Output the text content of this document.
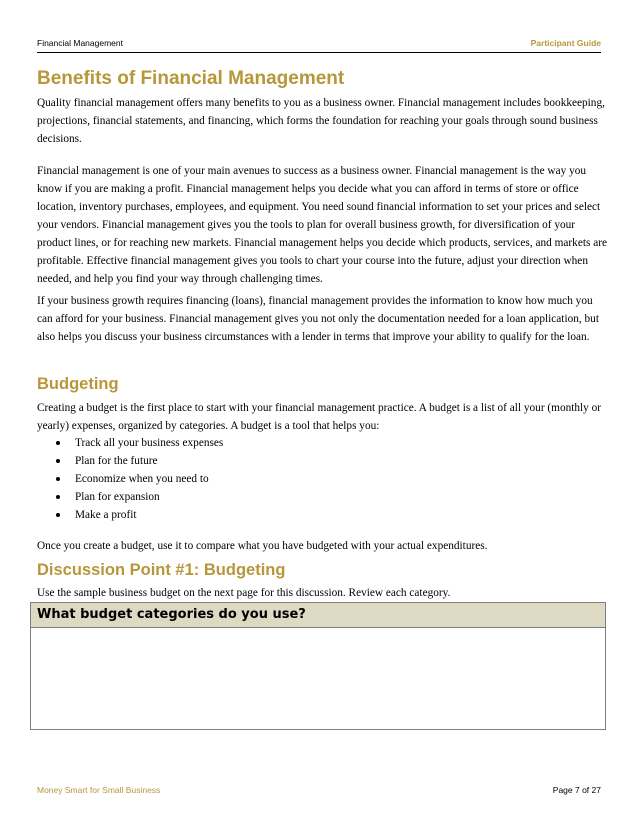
Financial Management	Participant Guide
Benefits of Financial Management

Quality financial management offers many benefits to you as a business owner. Financial management includes bookkeeping, projections, financial statements, and financing, which forms the foundation for reaching your goals through sound business decisions.

Financial management is one of your main avenues to success as a business owner. Financial management is the way you know if you are making a profit. Financial management helps you decide what you can afford in terms of store or office location, inventory purchases, employees, and equipment. You need sound financial information to set your prices and select your vendors. Financial management gives you the tools to plan for overall business growth, for diversification of your product lines, or for reaching new markets. Financial management helps you decide which products, services, and markets are profitable. Effective financial management gives you tools to chart your course into the future, adjust your direction when needed, and help you find your way through challenging times.

If your business growth requires financing (loans), financial management provides the information to know how much you can afford for your business. Financial management gives you not only the documentation needed for a loan application, but also helps you discuss your business circumstances with a lender in terms that improve your ability to qualify for the loan.

Budgeting

Creating a budget is the first place to start with your financial management practice. A budget is a list of all your (monthly or yearly) expenses, organized by categories. A budget is a tool that helps you:

Track all your business expenses
Plan for the future
Economize when you need to
Plan for expansion
Make a profit

Once you create a budget, use it to compare what you have budgeted with your actual expenditures.

Discussion Point #1: Budgeting

Use the sample business budget on the next page for this discussion. Review each category.

What budget categories do you use?
Money Smart for Small Business	Page 7 of 27
